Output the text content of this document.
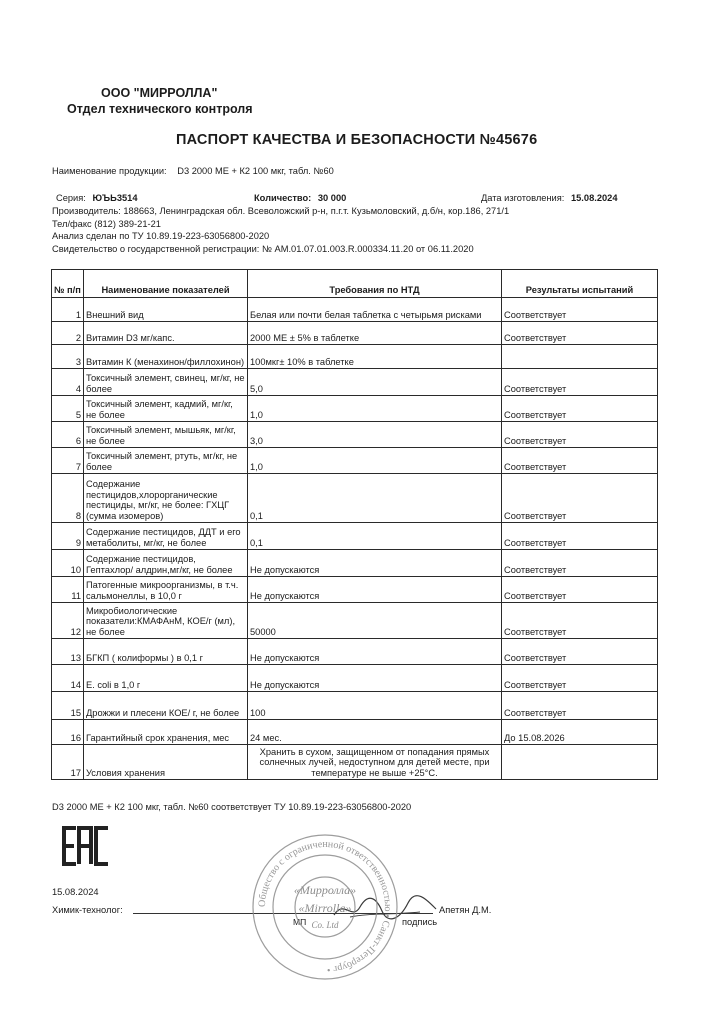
ООО "МИРРОЛЛА"
Отдел технического контроля
ПАСПОРТ КАЧЕСТВА И БЕЗОПАСНОСТИ №45676
Наименование продукции: D3 2000 МЕ + К2 100 мкг, табл. №60
Серия: ЮЪЬ3514	Количество: 30 000	Дата изготовления: 15.08.2024
Производитель: 188663, Ленинградская обл. Всеволожский р-н, п.г.т. Кузьмоловский, д.б/н, кор.186, 271/1
Тел/факс (812) 389-21-21
Анализ сделан по ТУ 10.89.19-223-63056800-2020
Свидетельство о государственной регистрации: № AM.01.07.01.003.R.000334.11.20 от 06.11.2020
№ п/п	Наименование показателей	Требования по НТД	Результаты испытаний
1	Внешний вид	Белая или почти белая таблетка с четырьмя рисками	Соответствует
2	Витамин D3 мг/капс.	2000 МЕ ± 5% в таблетке	Соответствует
3	Витамин К (менахинон/филлохинон)	100мкг± 10% в таблетке	
4	Токсичный элемент, свинец, мг/кг, не более	5,0	Соответствует
5	Токсичный элемент, кадмий, мг/кг, не более	1,0	Соответствует
6	Токсичный элемент, мышьяк, мг/кг, не более	3,0	Соответствует
7	Токсичный элемент, ртуть, мг/кг, не более	1,0	Соответствует
8	Содержание пестицидов,хлорорганические пестициды, мг/кг, не более: ГХЦГ (сумма изомеров)	0,1	Соответствует
9	Содержание пестицидов, ДДТ и его метаболиты, мг/кг, не более	0,1	Соответствует
10	Содержание пестицидов, Гептахлор/ алдрин,мг/кг, не более	Не допускаются	Соответствует
11	Патогенные микроорганизмы, в т.ч. сальмонеллы, в 10,0 г	Не допускаются	Соответствует
12	Микробиологические показатели:КМАФАнМ, КОЕ/г (мл), не более	50000	Соответствует
13	БГКП ( колиформы ) в 0,1 г	Не допускаются	Соответствует
14	E. coli в 1,0 г	Не допускаются	Соответствует
15	Дрожжи и плесени КОЕ/ г, не более	100	Соответствует
16	Гарантийный срок хранения, мес	24 мес.	До 15.08.2026
17	Условия хранения	Хранить в сухом, защищенном от попадания прямых солнечных лучей, недоступном для детей месте, при температуре не выше +25°С.	
D3 2000 МЕ + К2 100 мкг, табл. №60 соответствует ТУ 10.89.19-223-63056800-2020
15.08.2024
Химик-технолог:	Апетян Д.М.
МП	подпись
Общество с ограниченной ответственностью • Санкт-Петербург •
«Мирролла»
«Mirrolla»
Co. Ltd
